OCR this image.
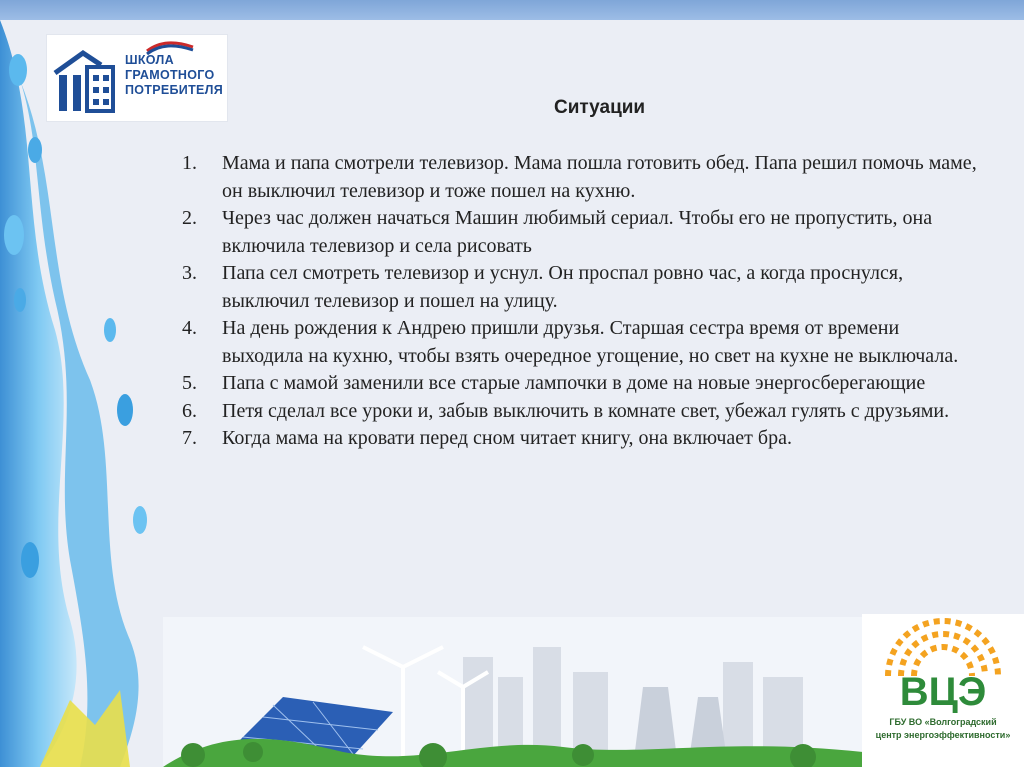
ШКОЛА
ГРАМОТНОГО
ПОТРЕБИТЕЛЯ
Ситуации
1.	Мама и папа смотрели телевизор. Мама пошла готовить обед. Папа решил помочь маме, он выключил телевизор и тоже пошел на кухню.
2.	Через час должен начаться Машин любимый сериал. Чтобы его не пропустить, она включила телевизор и села рисовать
3.	Папа сел смотреть телевизор и уснул. Он проспал ровно час, а когда проснулся, выключил телевизор и пошел на улицу.
4.	На день рождения к Андрею пришли друзья. Старшая сестра время от времени выходила на кухню, чтобы взять очередное угощение, но свет на кухне не выключала.
5.	Папа с мамой заменили все старые лампочки в доме на новые энергосберегающие
6.	Петя сделал все уроки и, забыв выключить в комнате свет, убежал гулять с друзьями.
7.	Когда мама на кровати перед сном читает книгу, она включает бра.
ВЦЭ
ГБУ ВО «Волгоградский
центр энергоэффективности»
